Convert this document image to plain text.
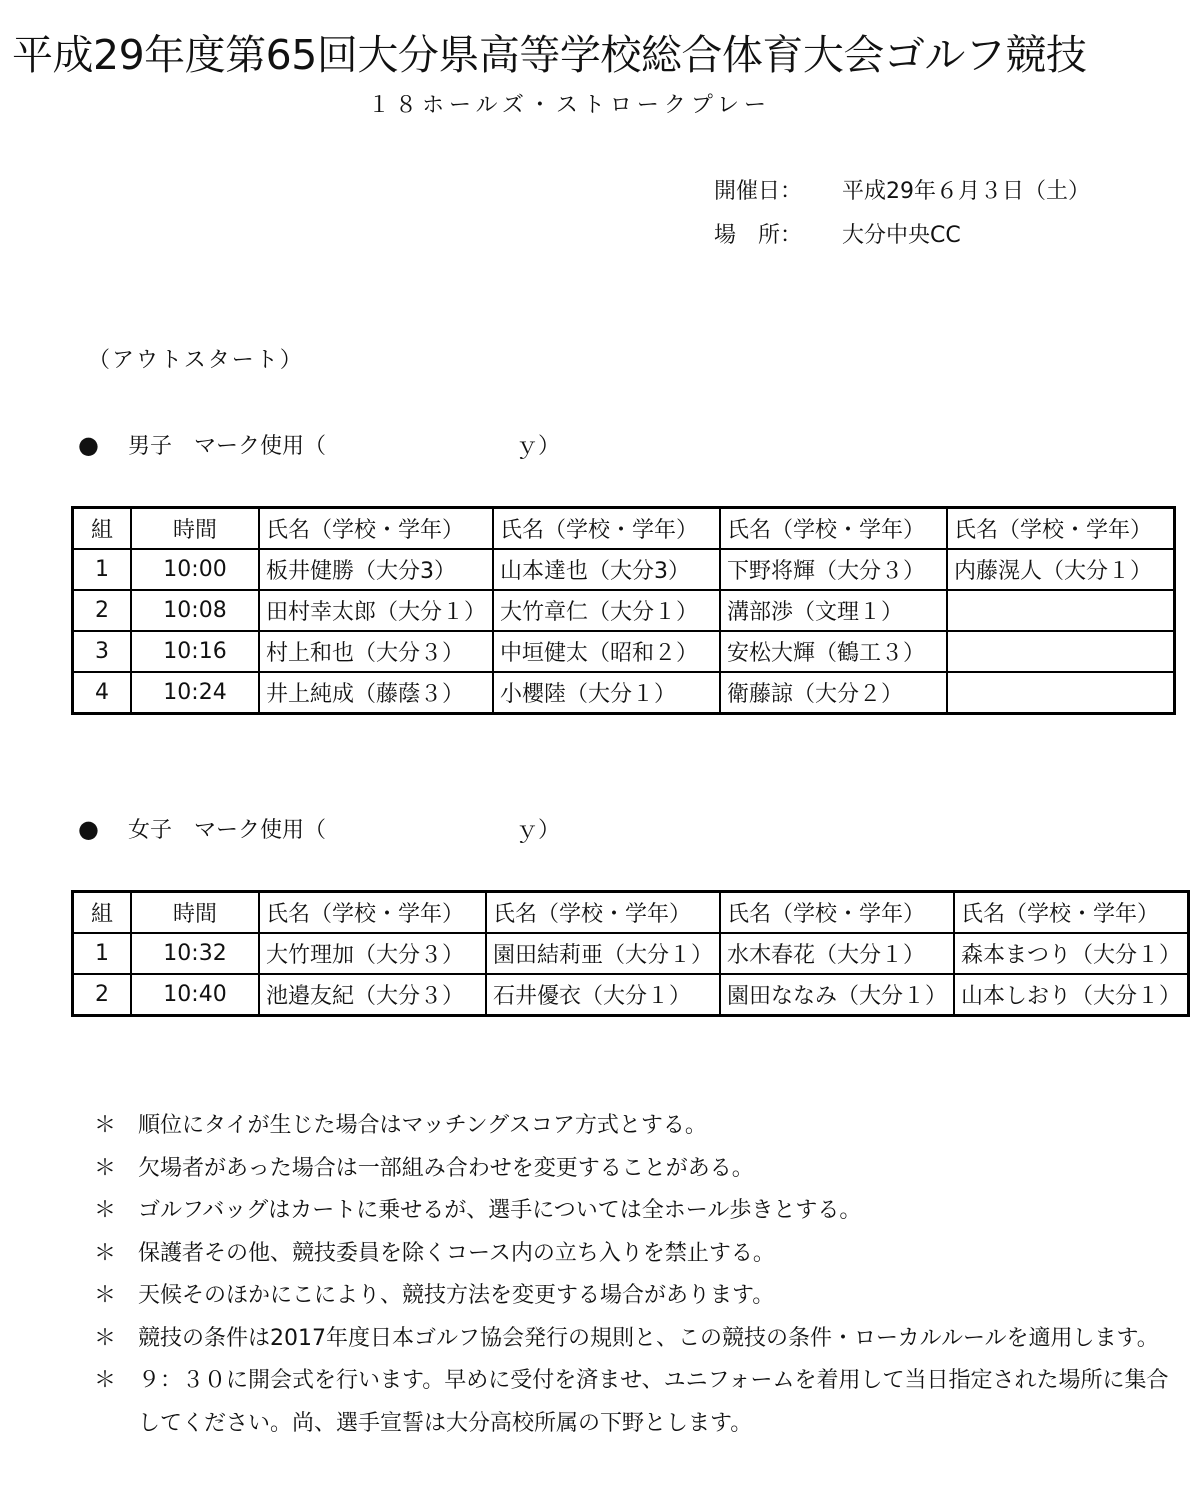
平成29年度第65回大分県高等学校総合体育大会ゴルフ競技
１８ホールズ・ストロークプレー
開催日： 平成29年６月３日（土）
場　所： 大分中央CC
（アウトスタート）
● 男子　マーク使用（	ｙ）
組	時間	氏名（学校・学年）	氏名（学校・学年）	氏名（学校・学年）	氏名（学校・学年）
1	10:00	板井健勝（大分3）	山本達也（大分3）	下野将輝（大分３）	内藤滉人（大分１）
2	10:08	田村幸太郎（大分１）	大竹章仁（大分１）	溝部渉（文理１）	
3	10:16	村上和也（大分３）	中垣健太（昭和２）	安松大輝（鶴工３）	
4	10:24	井上純成（藤蔭３）	小櫻陸（大分１）	衛藤諒（大分２）	
● 女子　マーク使用（	ｙ）
組	時間	氏名（学校・学年）	氏名（学校・学年）	氏名（学校・学年）	氏名（学校・学年）
1	10:32	大竹理加（大分３）	園田結莉亜（大分１）	水木春花（大分１）	森本まつり（大分１）
2	10:40	池邉友紀（大分３）	石井優衣（大分１）	園田ななみ（大分１）	山本しおり（大分１）
＊ 順位にタイが生じた場合はマッチングスコア方式とする。
＊ 欠場者があった場合は一部組み合わせを変更することがある。
＊ ゴルフバッグはカートに乗せるが、選手については全ホール歩きとする。
＊ 保護者その他、競技委員を除くコース内の立ち入りを禁止する。
＊ 天候そのほかにこにより、競技方法を変更する場合があります。
＊ 競技の条件は2017年度日本ゴルフ協会発行の規則と、この競技の条件・ローカルルールを適用します。
＊ ９：３０に開会式を行います。早めに受付を済ませ、ユニフォームを着用して当日指定された場所に集合してください。尚、選手宣誓は大分高校所属の下野とします。
